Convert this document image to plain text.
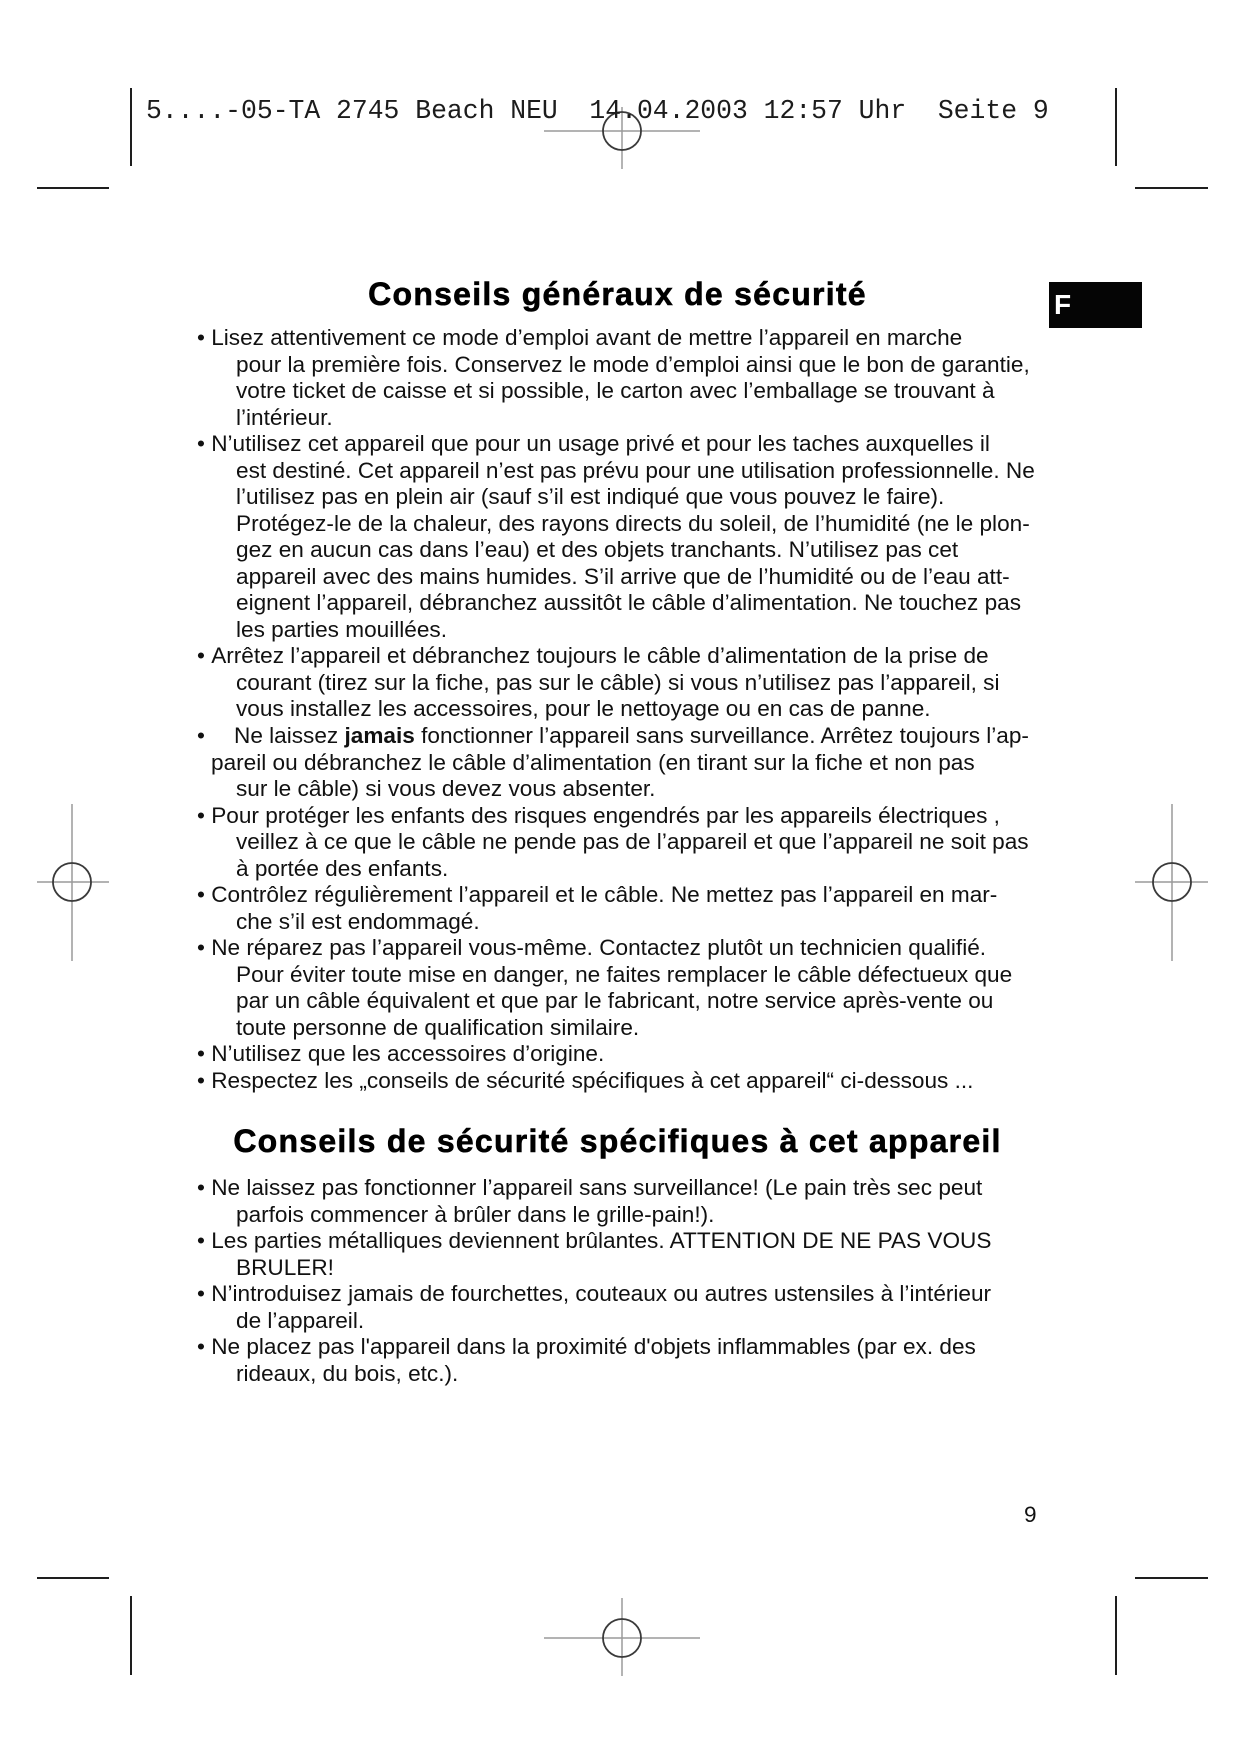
5....-05-TA 2745 Beach NEU  14.04.2003 12:57 Uhr  Seite 9
F
Conseils généraux de sécurité
• Lisez attentivement ce mode d’emploi avant de mettre l’appareil en marche
pour la première fois. Conservez le mode d’emploi ainsi que le bon de garantie,
votre ticket de caisse et si possible, le carton avec l’emballage se trouvant à
l’intérieur.
• N’utilisez cet appareil que pour un usage privé et pour les taches auxquelles il
est destiné. Cet appareil n’est pas prévu pour une utilisation professionnelle. Ne
l’utilisez pas en plein air (sauf s’il est indiqué que vous pouvez le faire).
Protégez-le de la chaleur, des rayons directs du soleil, de l’humidité (ne le plon-
gez en aucun cas dans l’eau) et des objets tranchants. N’utilisez pas cet
appareil avec des mains humides. S’il arrive que de l’humidité ou de l’eau att-
eignent l’appareil, débranchez aussitôt le câble d’alimentation. Ne touchez pas
les parties mouillées.
• Arrêtez l’appareil et débranchez toujours le câble d’alimentation de la prise de
courant (tirez sur la fiche, pas sur le câble) si vous n’utilisez pas l’appareil, si
vous installez les accessoires, pour le nettoyage ou en cas de panne.
• Ne laissez jamais fonctionner l’appareil sans surveillance. Arrêtez toujours l’ap-
pareil ou débranchez le câble d’alimentation (en tirant sur la fiche et non pas
sur le câble) si vous devez vous absenter.
• Pour protéger les enfants des risques engendrés par les appareils électriques ,
veillez à ce que le câble ne pende pas de l’appareil et que l’appareil ne soit pas
à portée des enfants.
• Contrôlez régulièrement l’appareil et le câble. Ne mettez pas l’appareil en mar-
che s’il est endommagé.
• Ne réparez pas l’appareil vous-même. Contactez plutôt un technicien qualifié.
Pour éviter toute mise en danger, ne faites remplacer le câble défectueux que
par un câble équivalent et que par le fabricant, notre service après-vente ou
toute personne de qualification similaire.
• N’utilisez que les accessoires d’origine.
• Respectez les „conseils de sécurité spécifiques à cet appareil“ ci-dessous ...
Conseils de sécurité spécifiques à cet appareil
• Ne laissez pas fonctionner l’appareil sans surveillance! (Le pain très sec peut
parfois commencer à brûler dans le grille-pain!).
• Les parties métalliques deviennent brûlantes. ATTENTION DE NE PAS VOUS
BRULER!
• N’introduisez jamais de fourchettes, couteaux ou autres ustensiles à l’intérieur
de l’appareil.
• Ne placez pas l'appareil dans la proximité d'objets inflammables (par ex. des
rideaux, du bois, etc.).
9
